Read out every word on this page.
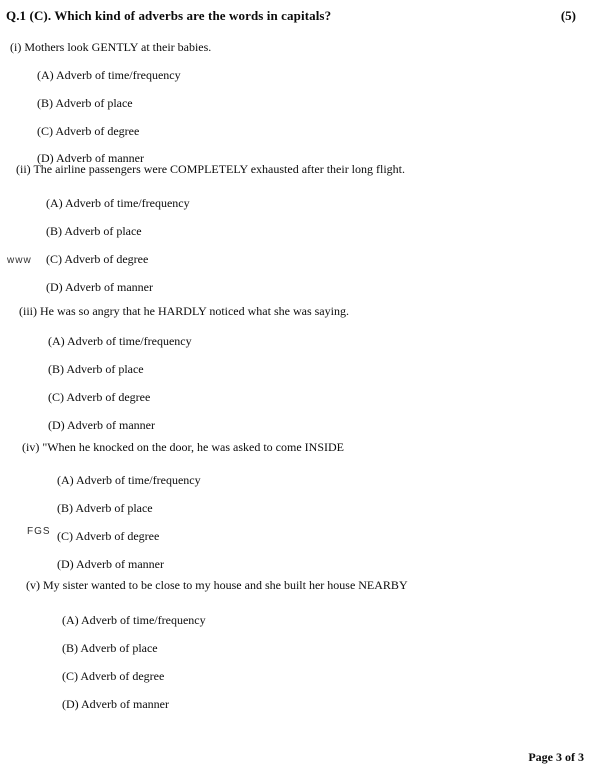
Q.1 (C). Which kind of adverbs are the words in capitals?	(5)
(i) Mothers look GENTLY at their babies.
(A) Adverb of time/frequency
(B) Adverb of place
(C) Adverb of degree
(D) Adverb of manner
(ii) The airline passengers were COMPLETELY exhausted after their long flight.
(A) Adverb of time/frequency
(B) Adverb of place
www (C) Adverb of degree
(D) Adverb of manner
(iii) He was so angry that he HARDLY noticed what she was saying.
(A) Adverb of time/frequency
(B) Adverb of place
(C) Adverb of degree
(D) Adverb of manner
(iv) "When he knocked on the door, he was asked to come INSIDE
(A) Adverb of time/frequency
(B) Adverb of place
FGS (C) Adverb of degree
(D) Adverb of manner
(v) My sister wanted to be close to my house and she built her house NEARBY
(A) Adverb of time/frequency
(B) Adverb of place
(C) Adverb of degree
(D) Adverb of manner
Page 3 of 3
